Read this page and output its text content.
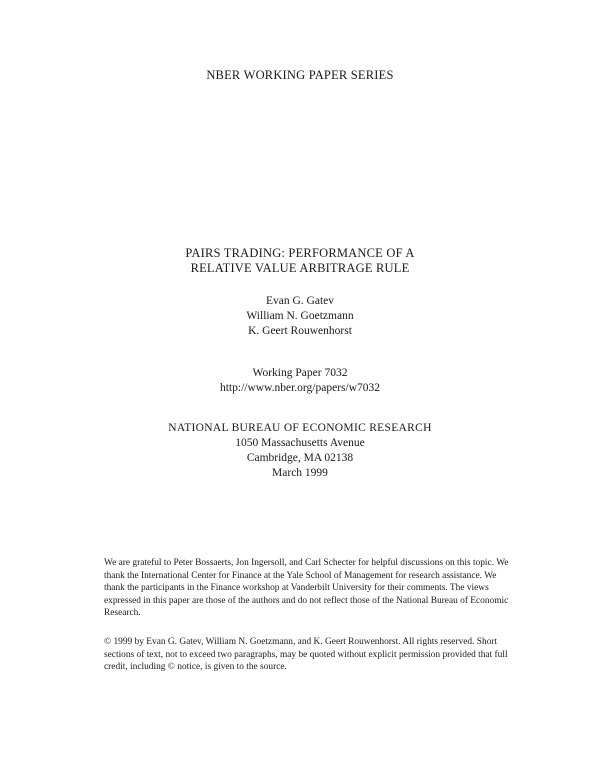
NBER WORKING PAPER SERIES
PAIRS TRADING: PERFORMANCE OF A
RELATIVE VALUE ARBITRAGE RULE
Evan G. Gatev
William N. Goetzmann
K. Geert Rouwenhorst
Working Paper 7032
http://www.nber.org/papers/w7032
NATIONAL BUREAU OF ECONOMIC RESEARCH
1050 Massachusetts Avenue
Cambridge, MA 02138
March 1999
We are grateful to Peter Bossaerts, Jon Ingersoll, and Carl Schecter for helpful discussions on this topic. We
thank the International Center for Finance at the Yale School of Management for research assistance. We
thank the participants in the Finance workshop at Vanderbilt University for their comments. The views
expressed in this paper are those of the authors and do not reflect those of the National Bureau of Economic
Research.
© 1999 by Evan G. Gatev, William N. Goetzmann, and K. Geert Rouwenhorst. All rights reserved. Short
sections of text, not to exceed two paragraphs, may be quoted without explicit permission provided that full
credit, including © notice, is given to the source.
